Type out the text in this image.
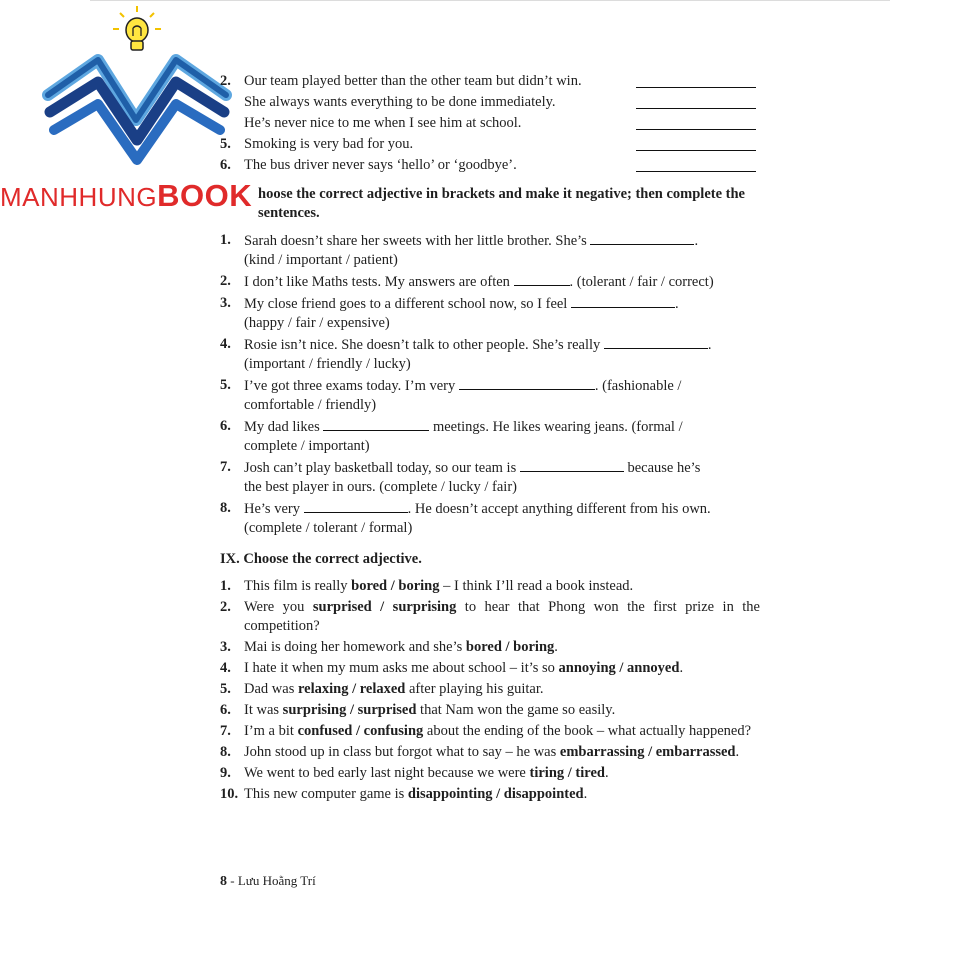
MANHHUNGBOOK
2. Our team played better than the other team but didn’t win.
She always wants everything to be done immediately.
He’s never nice to me when I see him at school.
5. Smoking is very bad for you.
6. The bus driver never says ‘hello’ or ‘goodbye’.
hoose the correct adjective in brackets and make it negative; then complete the sentences.
1. Sarah doesn’t share her sweets with her little brother. She’s	.
(kind / important / patient)
2. I don’t like Maths tests. My answers are often	. (tolerant / fair / correct)
3. My close friend goes to a different school now, so I feel	.
(happy / fair / expensive)
4. Rosie isn’t nice. She doesn’t talk to other people. She’s really	.
(important / friendly / lucky)
5. I’ve got three exams today. I’m very	. (fashionable /
comfortable / friendly)
6. My dad likes	meetings. He likes wearing jeans. (formal /
complete / important)
7. Josh can’t play basketball today, so our team is	because he’s
the best player in ours. (complete / lucky / fair)
8. He’s very	. He doesn’t accept anything different from his own.
(complete / tolerant / formal)
IX.
Choose the correct adjective.
1. This film is really bored / boring – I think I’ll read a book instead.
2. Were you surprised / surprising to hear that Phong won the first prize in the competition?
3. Mai is doing her homework and she’s bored / boring.
4. I hate it when my mum asks me about school – it’s so annoying / annoyed.
5. Dad was relaxing / relaxed after playing his guitar.
6. It was surprising / surprised that Nam won the game so easily.
7. I’m a bit confused / confusing about the ending of the book – what actually happened?
8. John stood up in class but forgot what to say – he was embarrassing / embarrassed.
9. We went to bed early last night because we were tiring / tired.
10. This new computer game is disappointing / disappointed.
8 - Lưu Hoằng Trí
